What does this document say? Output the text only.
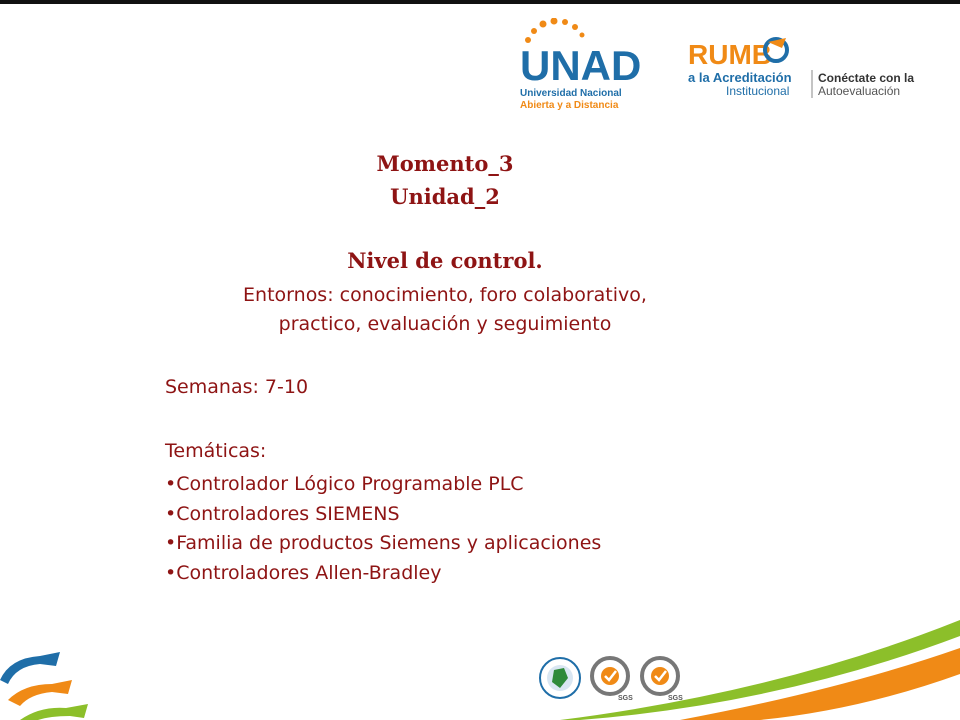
UNAD
Universidad Nacional
Abierta y a Distancia
RUMB
a la Acreditación
Institucional
Conéctate con la
Autoevaluación
Momento_3
Unidad_2
Nivel de control.
Entornos: conocimiento, foro colaborativo,
practico, evaluación y seguimiento
Semanas: 7-10
Temáticas:
•Controlador Lógico Programable PLC
•Controladores SIEMENS
•Familia de productos Siemens y aplicaciones
•Controladores Allen-Bradley
SGS	SGS
